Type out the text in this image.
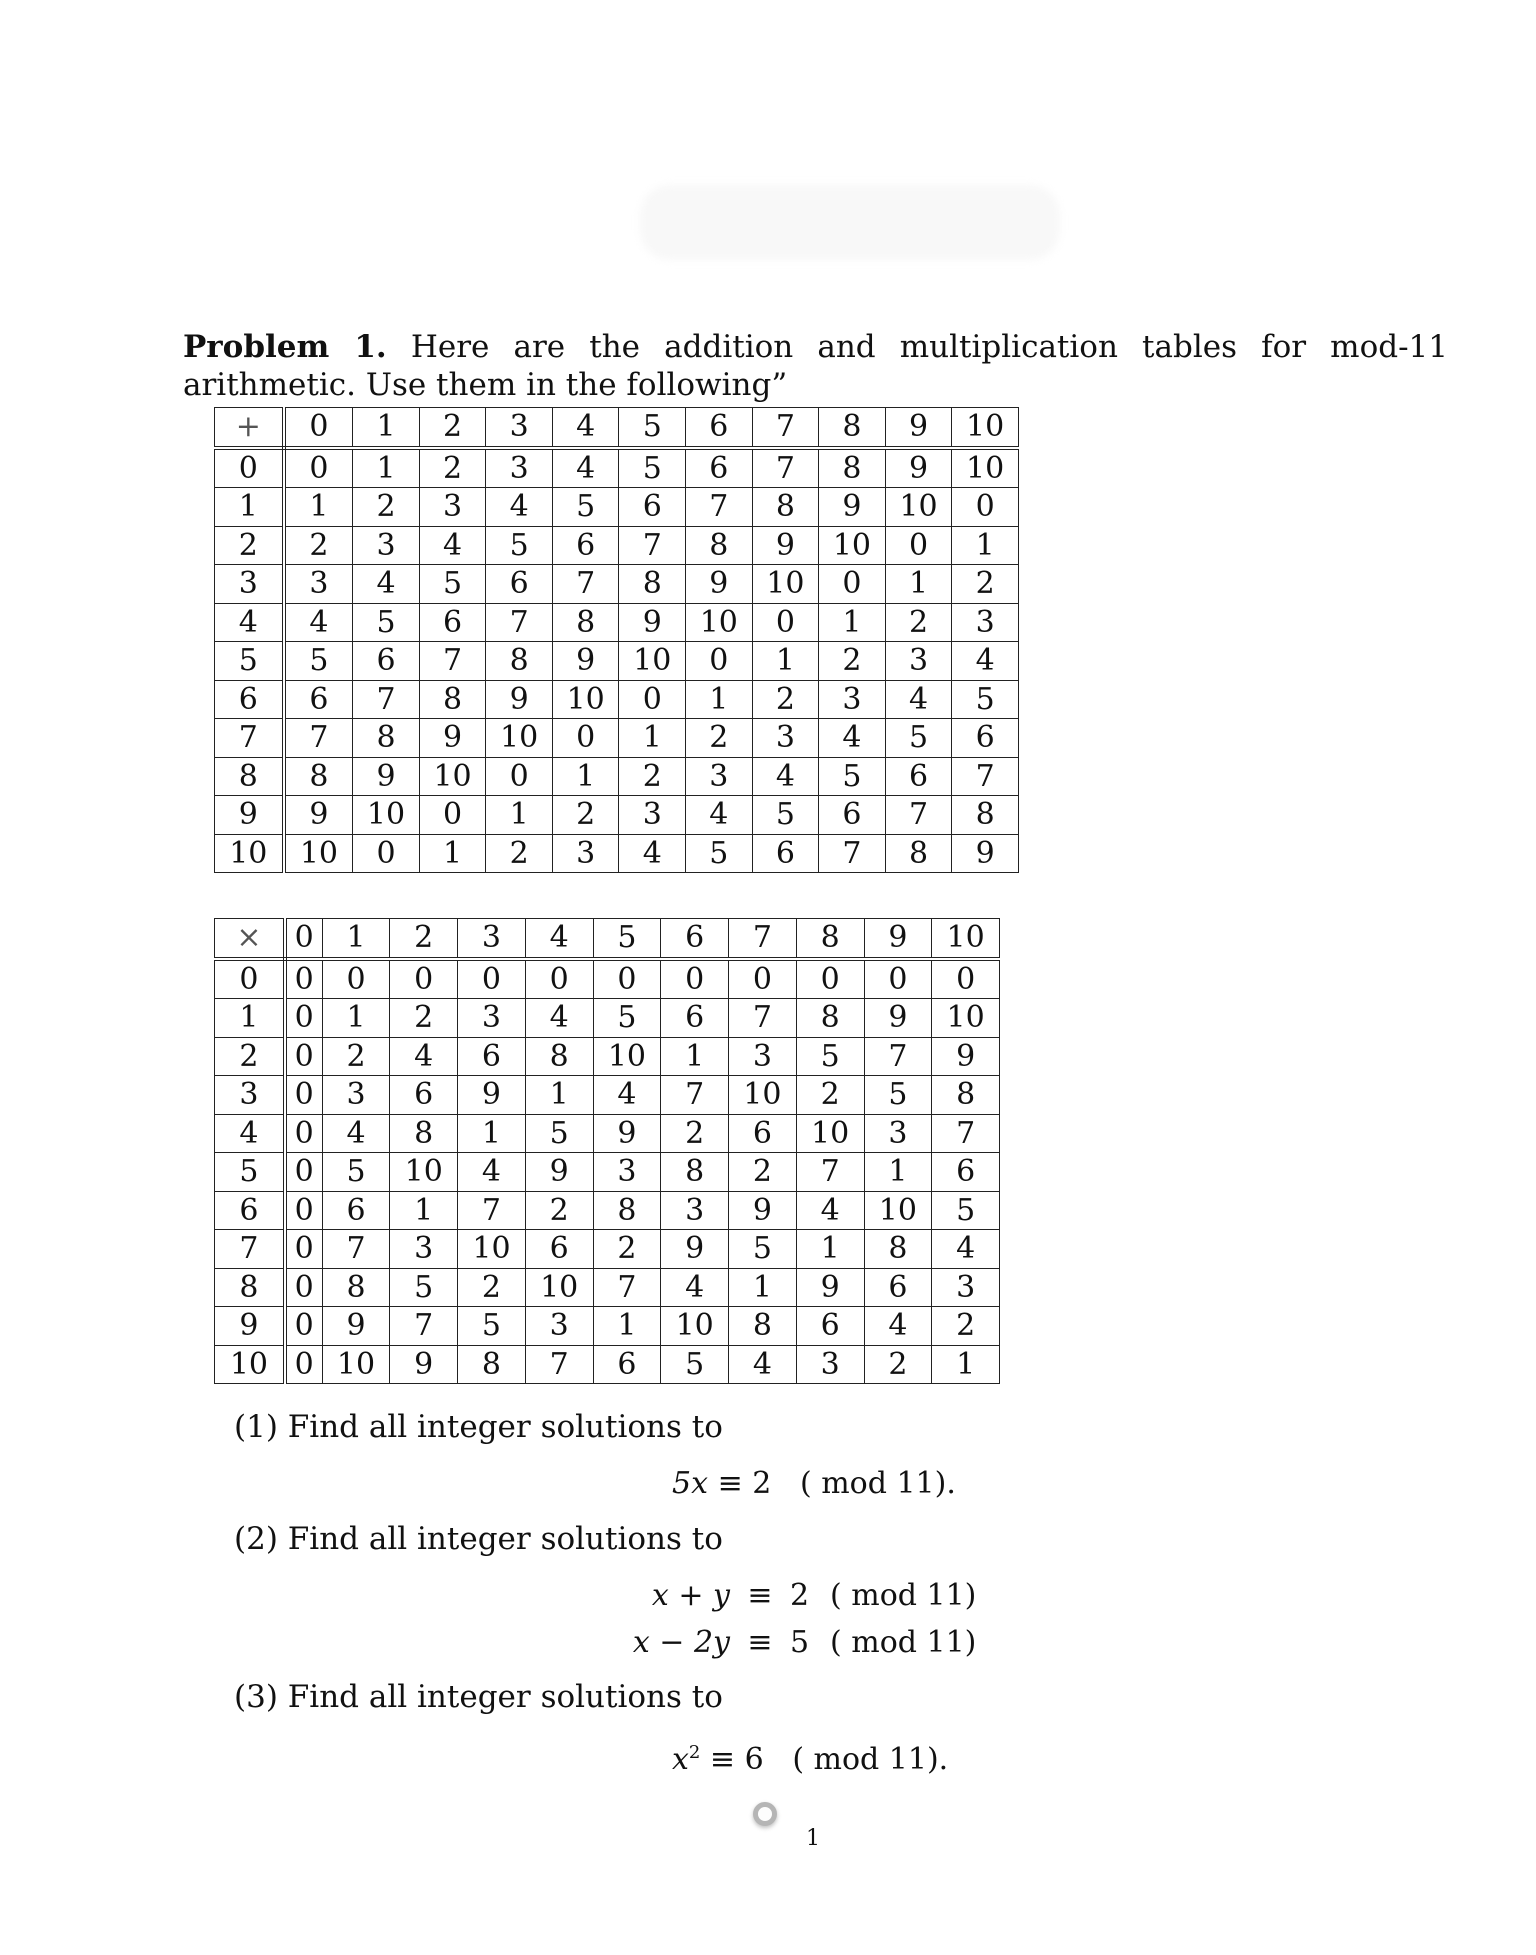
Problem 1. Here are the addition and multiplication tables for mod-11 arithmetic. Use them in the following”
+	0	1	2	3	4	5	6	7	8	9	10
0	0	1	2	3	4	5	6	7	8	9	10
1	1	2	3	4	5	6	7	8	9	10	0
2	2	3	4	5	6	7	8	9	10	0	1
3	3	4	5	6	7	8	9	10	0	1	2
4	4	5	6	7	8	9	10	0	1	2	3
5	5	6	7	8	9	10	0	1	2	3	4
6	6	7	8	9	10	0	1	2	3	4	5
7	7	8	9	10	0	1	2	3	4	5	6
8	8	9	10	0	1	2	3	4	5	6	7
9	9	10	0	1	2	3	4	5	6	7	8
10	10	0	1	2	3	4	5	6	7	8	9
×	0	1	2	3	4	5	6	7	8	9	10
0	0	0	0	0	0	0	0	0	0	0	0
1	0	1	2	3	4	5	6	7	8	9	10
2	0	2	4	6	8	10	1	3	5	7	9
3	0	3	6	9	1	4	7	10	2	5	8
4	0	4	8	1	5	9	2	6	10	3	7
5	0	5	10	4	9	3	8	2	7	1	6
6	0	6	1	7	2	8	3	9	4	10	5
7	0	7	3	10	6	2	9	5	1	8	4
8	0	8	5	2	10	7	4	1	9	6	3
9	0	9	7	5	3	1	10	8	6	4	2
10	0	10	9	8	7	6	5	4	3	2	1
(1) Find all integer solutions to
5x ≡ 2 ( mod 11).
(2) Find all integer solutions to
x + y ≡ 2 ( mod 11)
x − 2y ≡ 5 ( mod 11)
(3) Find all integer solutions to
$x^2 \equiv 6$ ( mod 11).
1
